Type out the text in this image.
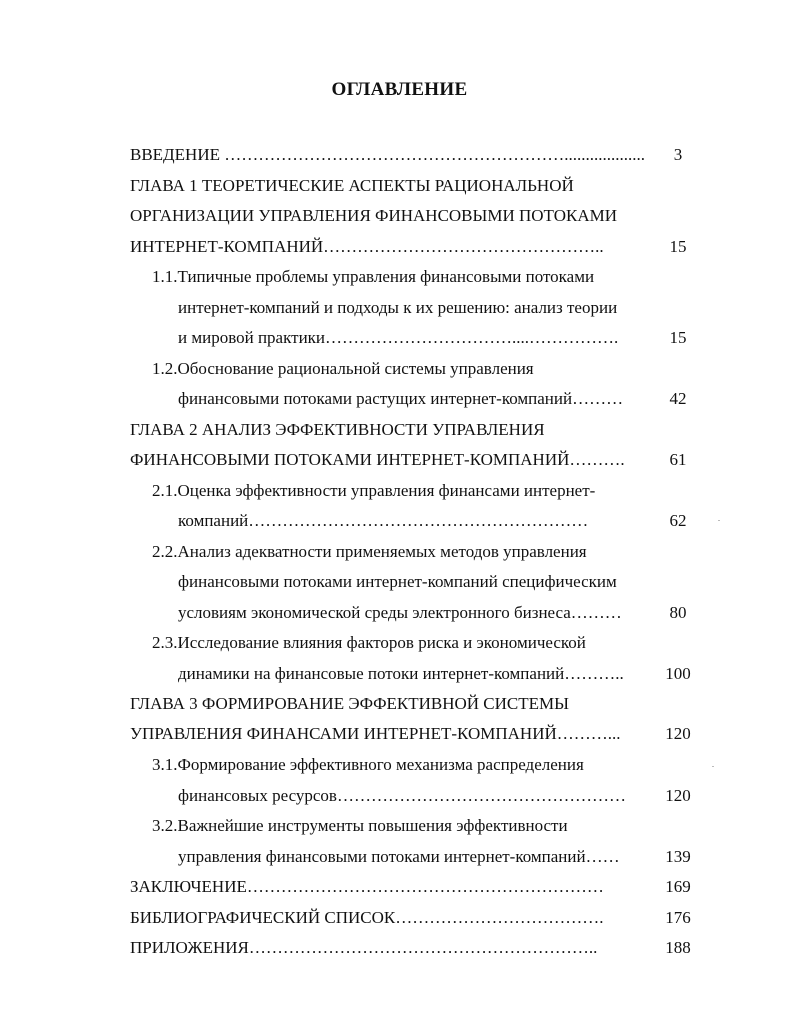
ОГЛАВЛЕНИЕ
ВВЕДЕНИЕ ……………………………………………………...................	3
ГЛАВА 1 ТЕОРЕТИЧЕСКИЕ АСПЕКТЫ РАЦИОНАЛЬНОЙ
ОРГАНИЗАЦИИ УПРАВЛЕНИЯ ФИНАНСОВЫМИ ПОТОКАМИ
ИНТЕРНЕТ-КОМПАНИЙ…………………………………………..	15
1.1.Типичные проблемы управления финансовыми потоками
интернет-компаний и подходы к их решению: анализ теории
и мировой практики……………………………....…………….	15
1.2.Обоснование рациональной системы управления
финансовыми потоками растущих интернет-компаний………	42
ГЛАВА 2 АНАЛИЗ ЭФФЕКТИВНОСТИ УПРАВЛЕНИЯ
ФИНАНСОВЫМИ ПОТОКАМИ ИНТЕРНЕТ-КОМПАНИЙ……….	61
2.1.Оценка эффективности управления финансами интернет-
компаний……………………………………………………	62
2.2.Анализ адекватности применяемых методов управления
финансовыми потоками интернет-компаний специфическим
условиям экономической среды электронного бизнеса………	80
2.3.Исследование влияния факторов риска и экономической
динамики на финансовые потоки интернет-компаний………..	100
ГЛАВА 3 ФОРМИРОВАНИЕ ЭФФЕКТИВНОЙ СИСТЕМЫ
УПРАВЛЕНИЯ ФИНАНСАМИ ИНТЕРНЕТ-КОМПАНИЙ………...	120
3.1.Формирование эффективного механизма распределения
финансовых ресурсов……………………………………………	120
3.2.Важнейшие инструменты повышения эффективности
управления финансовыми потоками интернет-компаний……	139
ЗАКЛЮЧЕНИЕ………………………………………………………	169
БИБЛИОГРАФИЧЕСКИЙ СПИСОК……………………………….	176
ПРИЛОЖЕНИЯ……………………………………………………..	188
